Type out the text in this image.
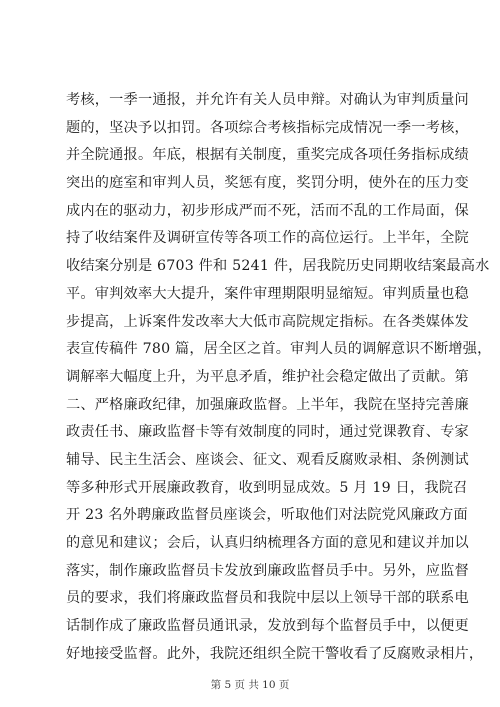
考核，一季一通报，并允许有关人员申辩。对确认为审判质量问
题的，坚决予以扣罚。各项综合考核指标完成情况一季一考核，
并全院通报。年底，根据有关制度，重奖完成各项任务指标成绩
突出的庭室和审判人员，奖惩有度，奖罚分明，使外在的压力变
成内在的驱动力，初步形成严而不死，活而不乱的工作局面，保
持了收结案件及调研宣传等各项工作的高位运行。上半年，全院
收结案分别是 6703 件和 5241 件，居我院历史同期收结案最高水
平。审判效率大大提升，案件审理期限明显缩短。审判质量也稳
步提高，上诉案件发改率大大低市高院规定指标。在各类媒体发
表宣传稿件 780 篇，居全区之首。审判人员的调解意识不断增强，
调解率大幅度上升，为平息矛盾，维护社会稳定做出了贡献。第
二、严格廉政纪律，加强廉政监督。上半年，我院在坚持完善廉
政责任书、廉政监督卡等有效制度的同时，通过党课教育、专家
辅导、民主生活会、座谈会、征文、观看反腐败录相、条例测试
等多种形式开展廉政教育，收到明显成效。5 月 19 日，我院召
开 23 名外聘廉政监督员座谈会，听取他们对法院党风廉政方面
的意见和建议；会后，认真归纳梳理各方面的意见和建议并加以
落实，制作廉政监督员卡发放到廉政监督员手中。另外，应监督
员的要求，我们将廉政监督员和我院中层以上领导干部的联系电
话制作成了廉政监督员通讯录，发放到每个监督员手中，以便更
好地接受监督。此外，我院还组织全院干警收看了反腐败录相片，
第 5 页 共 10 页
